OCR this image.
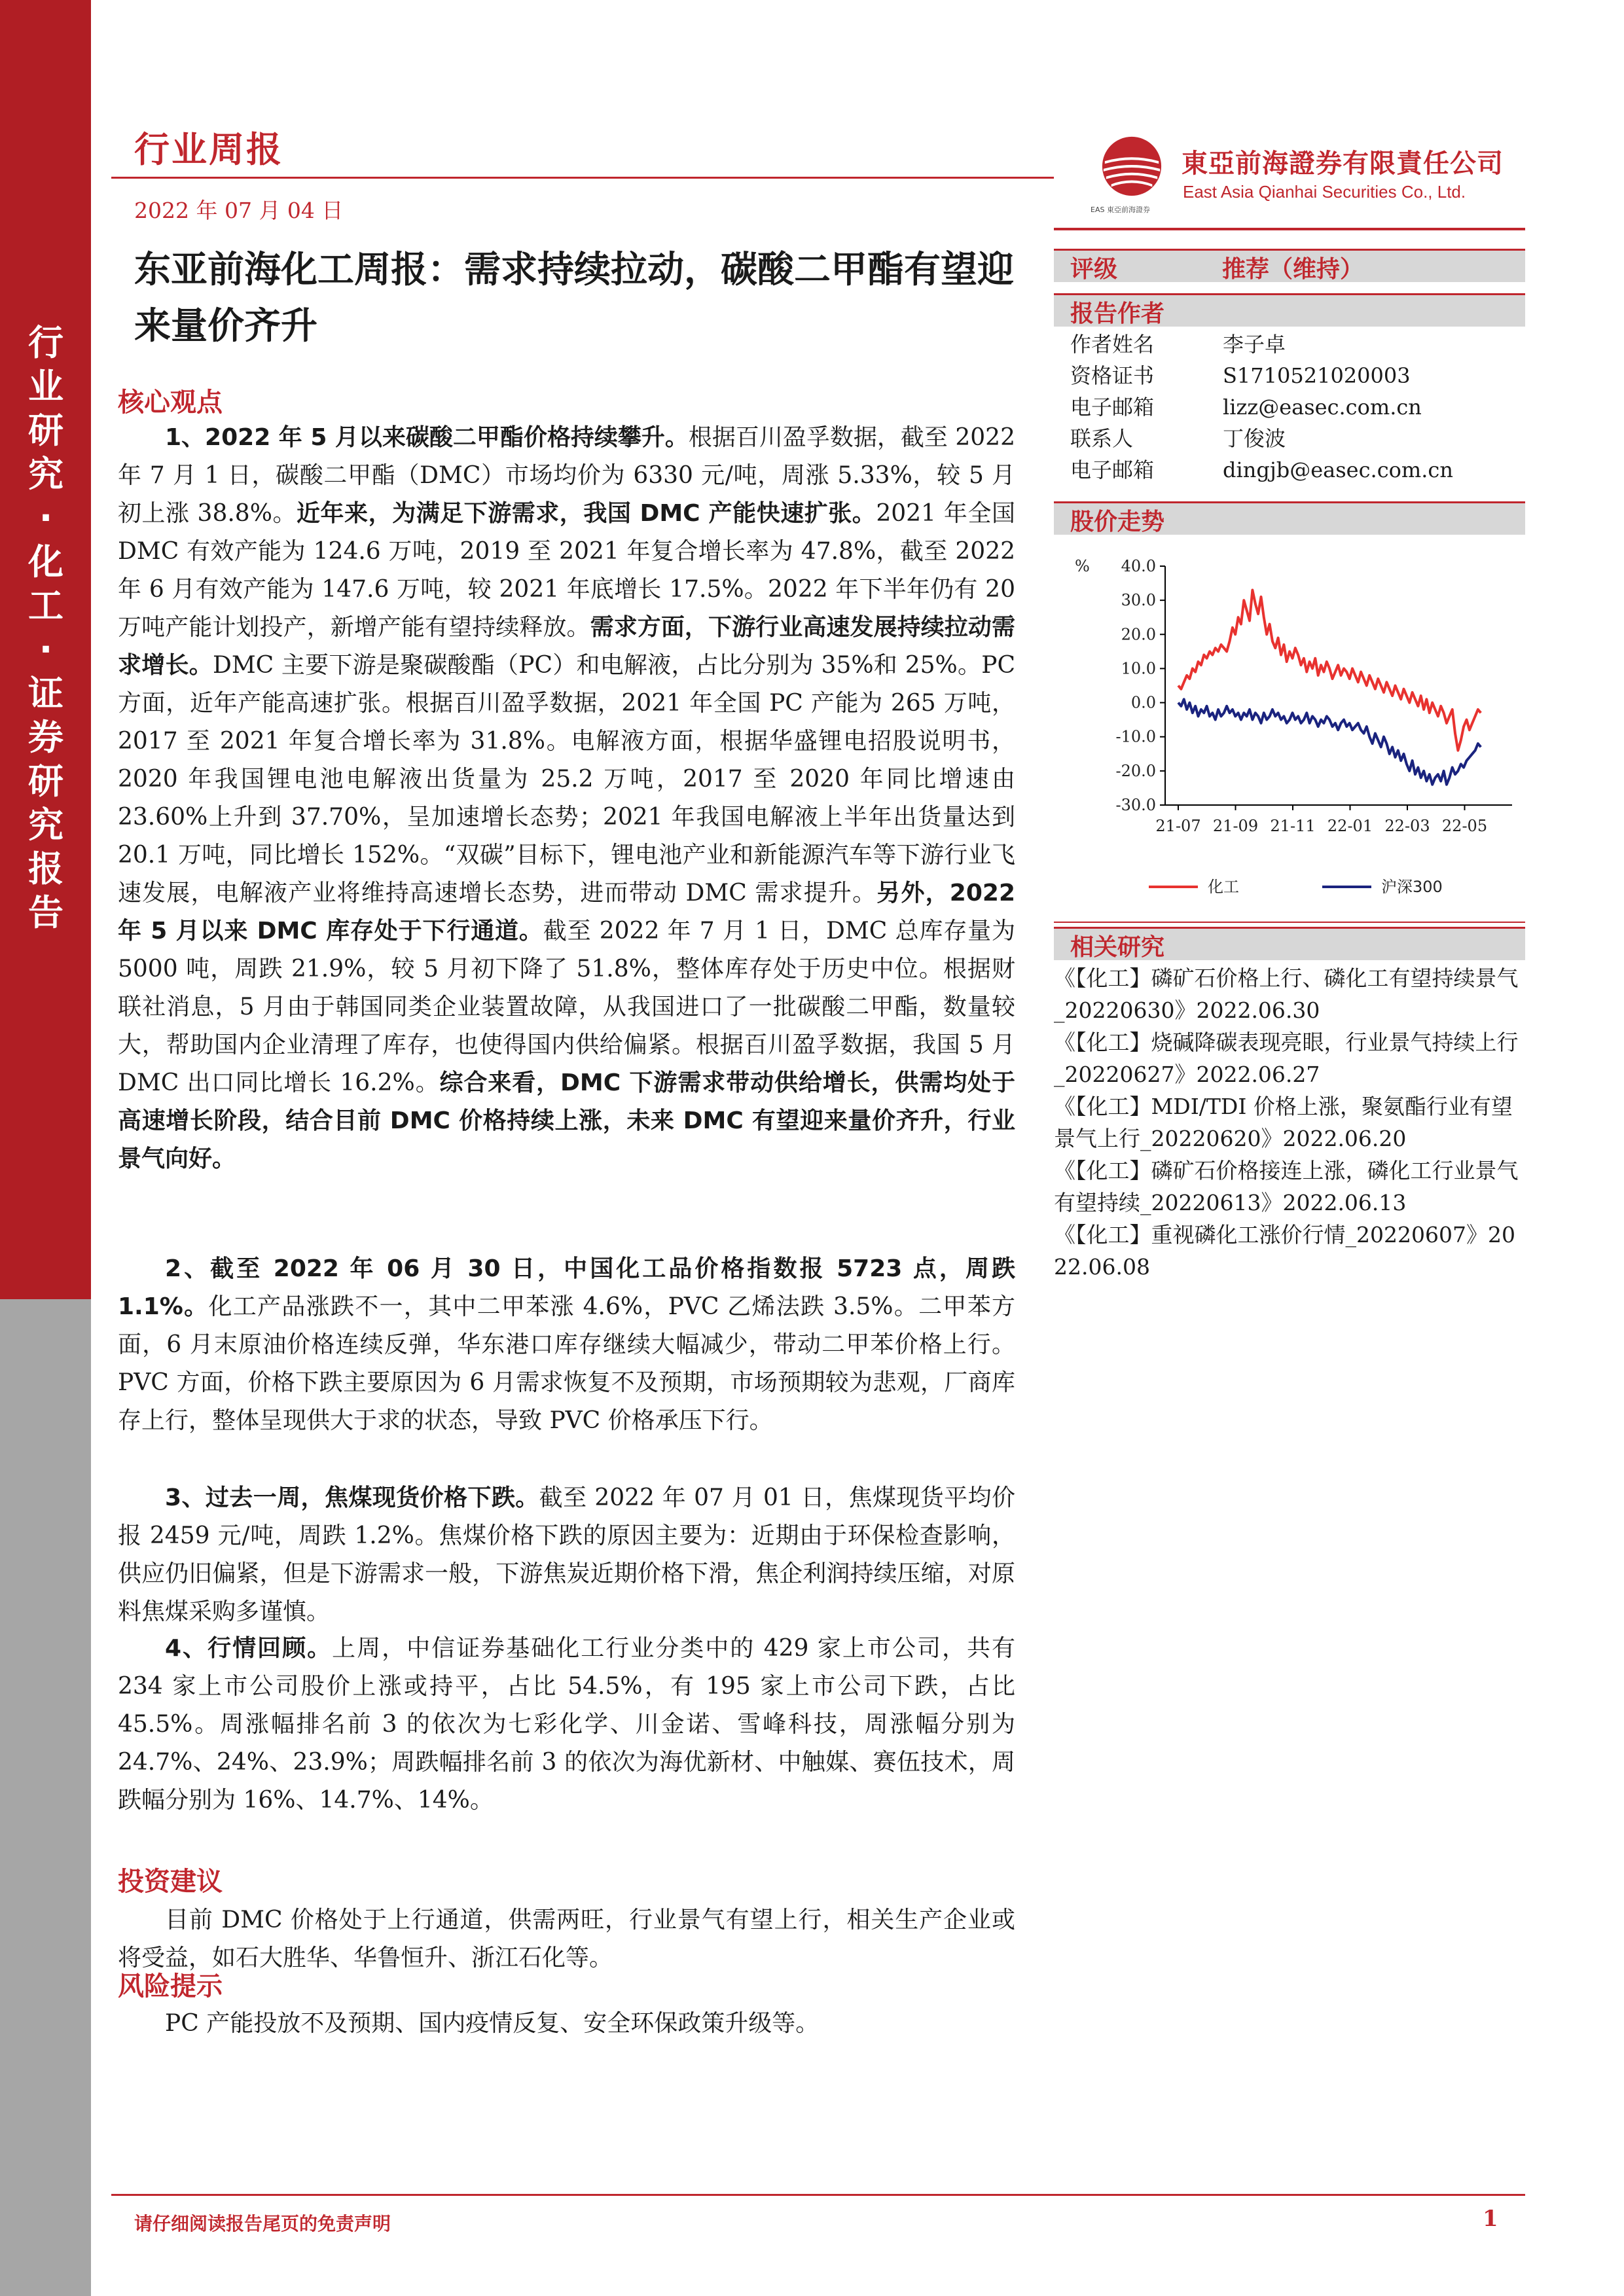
行
业
研
究
·
化
工
·
证
券
研
究
报
告
行业周报
2022 年 07 月 04 日	EAS 東亞前海證券
東亞前海證券有限責任公司
East Asia Qianhai Securities Co., Ltd.
东亚前海化工周报：需求持续拉动，碳酸二甲酯有望迎来量价齐升
核心观点

1、2022 年 5 月以来碳酸二甲酯价格持续攀升。根据百川盈孚数据，截至 2022 年 7 月 1 日，碳酸二甲酯（DMC）市场均价为 6330 元/吨，周涨 5.33%，较 5 月初上涨 38.8%。近年来，为满足下游需求，我国 DMC 产能快速扩张。2021 年全国 DMC 有效产能为 124.6 万吨，2019 至 2021 年复合增长率为 47.8%，截至 2022 年 6 月有效产能为 147.6 万吨，较 2021 年底增长 17.5%。2022 年下半年仍有 20 万吨产能计划投产，新增产能有望持续释放。需求方面，下游行业高速发展持续拉动需求增长。DMC 主要下游是聚碳酸酯（PC）和电解液，占比分别为 35%和 25%。PC 方面，近年产能高速扩张。根据百川盈孚数据，2021 年全国 PC 产能为 265 万吨，2017 至 2021 年复合增长率为 31.8%。电解液方面，根据华盛锂电招股说明书，2020 年我国锂电池电解液出货量为 25.2 万吨，2017 至 2020 年同比增速由 23.60%上升到 37.70%，呈加速增长态势；2021 年我国电解液上半年出货量达到 20.1 万吨，同比增长 152%。“双碳”目标下，锂电池产业和新能源汽车等下游行业飞速发展，电解液产业将维持高速增长态势，进而带动 DMC 需求提升。另外，2022 年 5 月以来 DMC 库存处于下行通道。截至 2022 年 7 月 1 日，DMC 总库存量为 5000 吨，周跌 21.9%，较 5 月初下降了 51.8%，整体库存处于历史中位。根据财联社消息，5 月由于韩国同类企业装置故障，从我国进口了一批碳酸二甲酯，数量较大，帮助国内企业清理了库存，也使得国内供给偏紧。根据百川盈孚数据，我国 5 月 DMC 出口同比增长 16.2%。综合来看，DMC 下游需求带动供给增长，供需均处于高速增长阶段，结合目前 DMC 价格持续上涨，未来 DMC 有望迎来量价齐升，行业景气向好。

2、截至 2022 年 06 月 30 日，中国化工品价格指数报 5723 点，周跌 1.1%。化工产品涨跌不一，其中二甲苯涨 4.6%，PVC 乙烯法跌 3.5%。二甲苯方面，6 月末原油价格连续反弹，华东港口库存继续大幅减少，带动二甲苯价格上行。PVC 方面，价格下跌主要原因为 6 月需求恢复不及预期，市场预期较为悲观，厂商库存上行，整体呈现供大于求的状态，导致 PVC 价格承压下行。

3、过去一周，焦煤现货价格下跌。截至 2022 年 07 月 01 日，焦煤现货平均价报 2459 元/吨，周跌 1.2%。焦煤价格下跌的原因主要为：近期由于环保检查影响，供应仍旧偏紧，但是下游需求一般，下游焦炭近期价格下滑，焦企利润持续压缩，对原料焦煤采购多谨慎。

4、行情回顾。上周，中信证券基础化工行业分类中的 429 家上市公司，共有 234 家上市公司股价上涨或持平，占比 54.5%，有 195 家上市公司下跌，占比 45.5%。周涨幅排名前 3 的依次为七彩化学、川金诺、雪峰科技，周涨幅分别为 24.7%、24%、23.9%；周跌幅排名前 3 的依次为海优新材、中触媒、赛伍技术，周跌幅分别为 16%、14.7%、14%。

投资建议

目前 DMC 价格处于上行通道，供需两旺，行业景气有望上行，相关生产企业或将受益，如石大胜华、华鲁恒升、浙江石化等。

风险提示

PC 产能投放不及预期、国内疫情反复、安全环保政策升级等。

评级	推荐（维持）
报告作者
作者姓名	李子卓
资格证书	S1710521020003
电子邮箱	lizz@easec.com.cn
联系人	丁俊波
电子邮箱	dingjb@easec.com.cn
股价走势
% 40.0
30.0
20.0
10.0
0.0
-10.0
-20.0
-30.0
21-07 21-09 21-11 22-01 22-03 22-05
化工	沪深300
相关研究
《【化工】磷矿石价格上行、磷化工有望持续景气_20220630》2022.06.30
《【化工】烧碱降碳表现亮眼，行业景气持续上行_20220627》2022.06.27
《【化工】MDI/TDI 价格上涨，聚氨酯行业有望景气上行_20220620》2022.06.20
《【化工】磷矿石价格接连上涨，磷化工行业景气有望持续_20220613》2022.06.13
《【化工】重视磷化工涨价行情_20220607》2022.06.08
请仔细阅读报告尾页的免责声明	1
